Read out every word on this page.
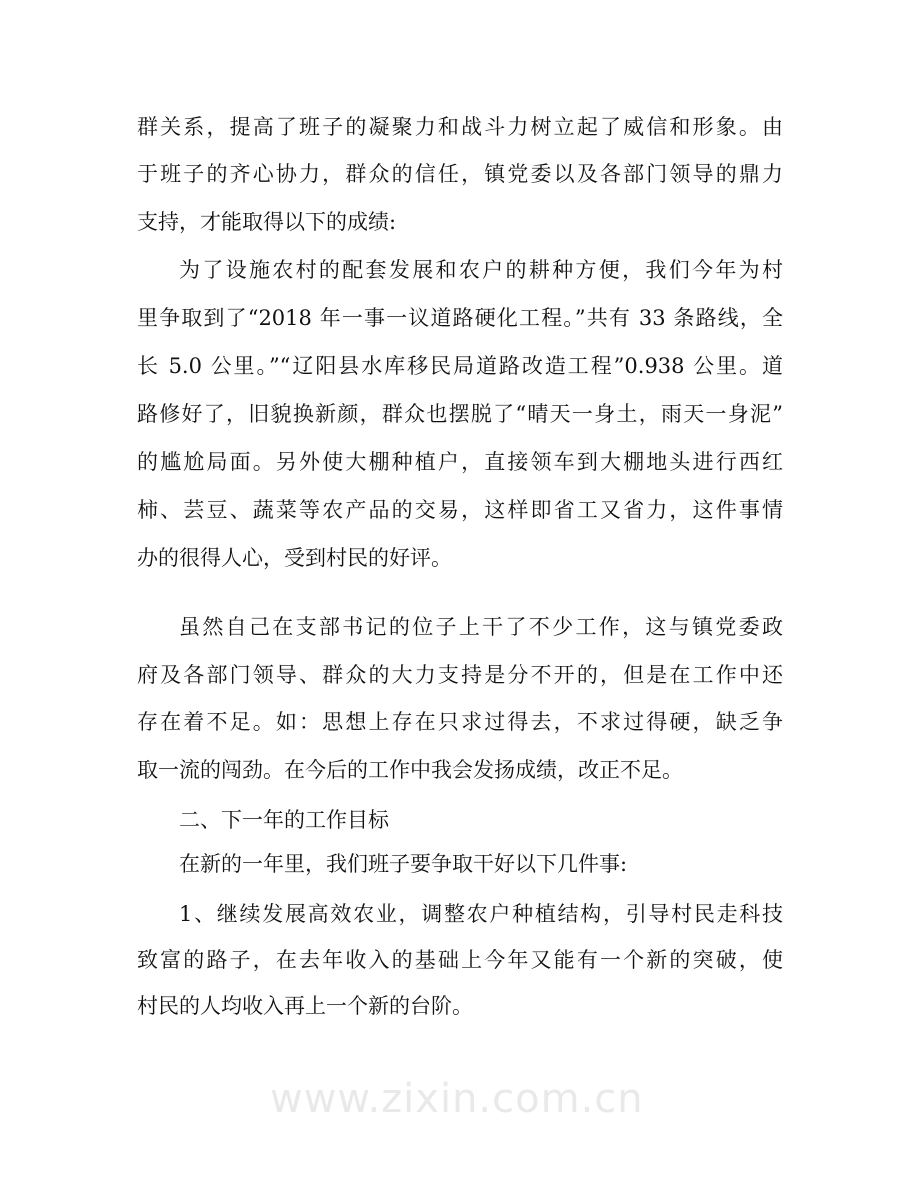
群关系，提高了班子的凝聚力和战斗力树立起了威信和形象。由
于班子的齐心协力，群众的信任，镇党委以及各部门领导的鼎力
支持，才能取得以下的成绩:
为了设施农村的配套发展和农户的耕种方便，我们今年为村
里争取到了“2018 年一事一议道路硬化工程。”共有 33 条路线，全
长 5.0 公里。”“辽阳县水库移民局道路改造工程”0.938 公里。道
路修好了，旧貌换新颜，群众也摆脱了“晴天一身土，雨天一身泥”
的尴尬局面。另外使大棚种植户，直接领车到大棚地头进行西红
柿、芸豆、蔬菜等农产品的交易，这样即省工又省力，这件事情
办的很得人心，受到村民的好评。
虽然自己在支部书记的位子上干了不少工作，这与镇党委政
府及各部门领导、群众的大力支持是分不开的，但是在工作中还
存在着不足。如：思想上存在只求过得去，不求过得硬，缺乏争
取一流的闯劲。在今后的工作中我会发扬成绩，改正不足。
二、下一年的工作目标
在新的一年里，我们班子要争取干好以下几件事:
1、继续发展高效农业，调整农户种植结构，引导村民走科技
致富的路子，在去年收入的基础上今年又能有一个新的突破，使
村民的人均收入再上一个新的台阶。
www.zixin.com.cn
